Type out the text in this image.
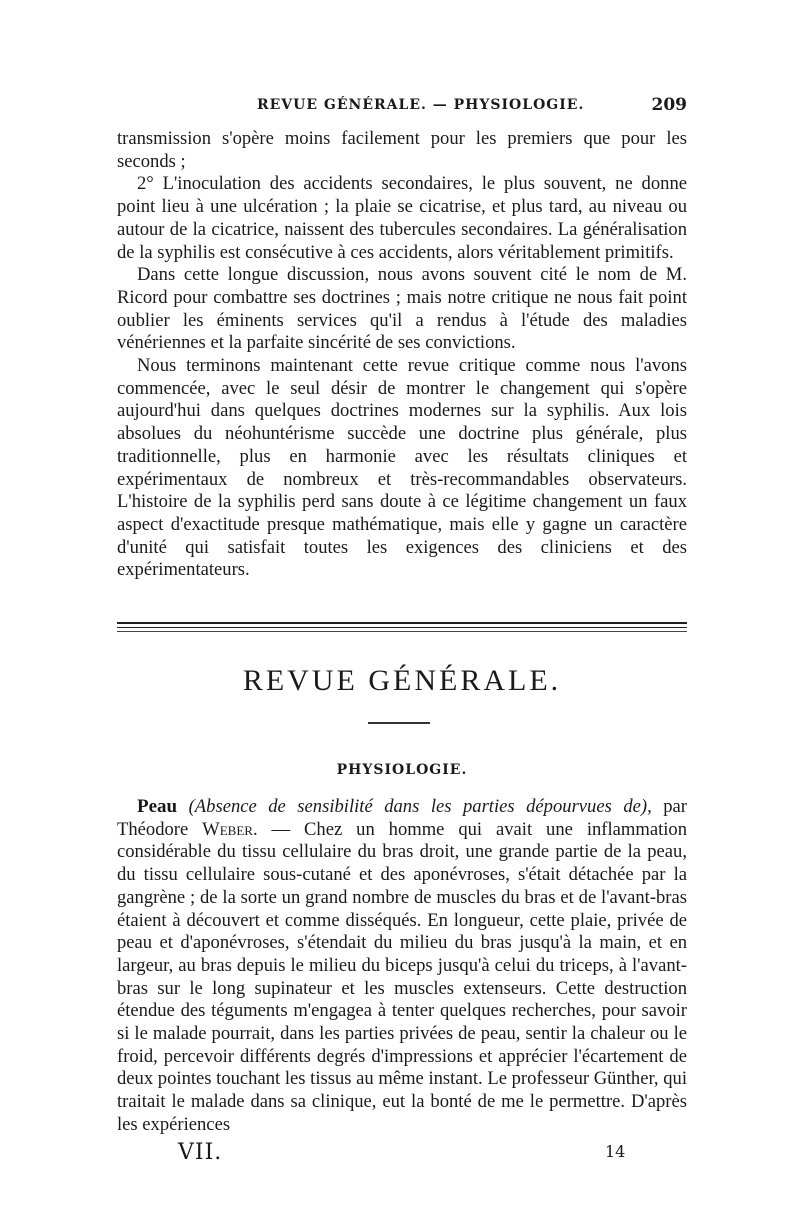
REVUE GÉNÉRALE. — PHYSIOLOGIE.	209

transmission s'opère moins facilement pour les premiers que pour les seconds ;

2° L'inoculation des accidents secondaires, le plus souvent, ne donne point lieu à une ulcération ; la plaie se cicatrise, et plus tard, au niveau ou autour de la cicatrice, naissent des tubercules secondaires. La généralisation de la syphilis est consécutive à ces accidents, alors véritablement primitifs.

Dans cette longue discussion, nous avons souvent cité le nom de M. Ricord pour combattre ses doctrines ; mais notre critique ne nous fait point oublier les éminents services qu'il a rendus à l'étude des maladies vénériennes et la parfaite sincérité de ses convictions.

Nous terminons maintenant cette revue critique comme nous l'avons commencée, avec le seul désir de montrer le changement qui s'opère aujourd'hui dans quelques doctrines modernes sur la syphilis. Aux lois absolues du néohuntérisme succède une doctrine plus générale, plus traditionnelle, plus en harmonie avec les résultats cliniques et expérimentaux de nombreux et très-recommandables observateurs. L'histoire de la syphilis perd sans doute à ce légitime changement un faux aspect d'exactitude presque mathématique, mais elle y gagne un caractère d'unité qui satisfait toutes les exigences des cliniciens et des expérimentateurs.

REVUE GÉNÉRALE.
PHYSIOLOGIE.

Peau (Absence de sensibilité dans les parties dépourvues de), par Théodore Weber. — Chez un homme qui avait une inflammation considérable du tissu cellulaire du bras droit, une grande partie de la peau, du tissu cellulaire sous-cutané et des aponévroses, s'était détachée par la gangrène ; de la sorte un grand nombre de muscles du bras et de l'avant-bras étaient à découvert et comme disséqués. En longueur, cette plaie, privée de peau et d'aponévroses, s'étendait du milieu du bras jusqu'à la main, et en largeur, au bras depuis le milieu du biceps jusqu'à celui du triceps, à l'avant-bras sur le long supinateur et les muscles extenseurs. Cette destruction étendue des téguments m'engagea à tenter quelques recherches, pour savoir si le malade pourrait, dans les parties privées de peau, sentir la chaleur ou le froid, percevoir différents degrés d'impressions et apprécier l'écartement de deux pointes touchant les tissus au même instant. Le professeur Günther, qui traitait le malade dans sa clinique, eut la bonté de me le permettre. D'après les expériences

VII.	14
